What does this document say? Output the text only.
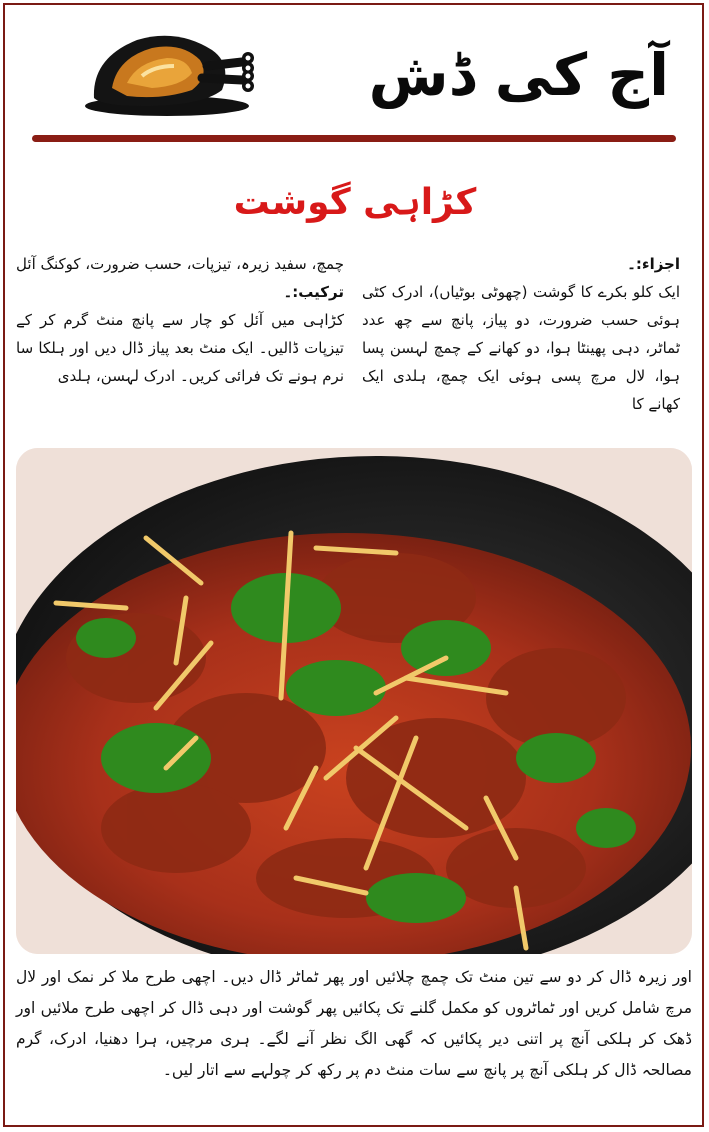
آج کی ڈش
کڑاہی گوشت

اجزاء:۔

ایک کلو بکرے کا گوشت (چھوٹی بوٹیاں)، ادرک کٹی ہوئی حسب ضرورت، دو پیاز، پانچ سے چھ عدد ٹماٹر، دہی پھینٹا ہوا، دو کھانے کے چمچ لہسن پسا ہوا، لال مرچ پسی ہوئی ایک چمچ، ہلدی ایک کھانے کا

چمچ، سفید زیرہ، تیزپات، حسب ضرورت، کوکنگ آئل

ترکیب:۔

کڑاہی میں آئل کو چار سے پانچ منٹ گرم کر کے تیزپات ڈالیں۔ ایک منٹ بعد پیاز ڈال دیں اور ہلکا سا نرم ہونے تک فرائی کریں۔ ادرک لہسن، ہلدی

اور زیرہ ڈال کر دو سے تین منٹ تک چمچ چلائیں اور پھر ٹماٹر ڈال دیں۔ اچھی طرح ملا کر نمک اور لال مرچ شامل کریں اور ٹماٹروں کو مکمل گلنے تک پکائیں پھر گوشت اور دہی ڈال کر اچھی طرح ملائیں اور ڈھک کر ہلکی آنچ پر اتنی دیر پکائیں کہ گھی الگ نظر آنے لگے۔ ہری مرچیں، ہرا دھنیا، ادرک، گرم مصالحہ ڈال کر ہلکی آنچ پر پانچ سے سات منٹ دم پر رکھ کر چولہے سے اتار لیں۔
